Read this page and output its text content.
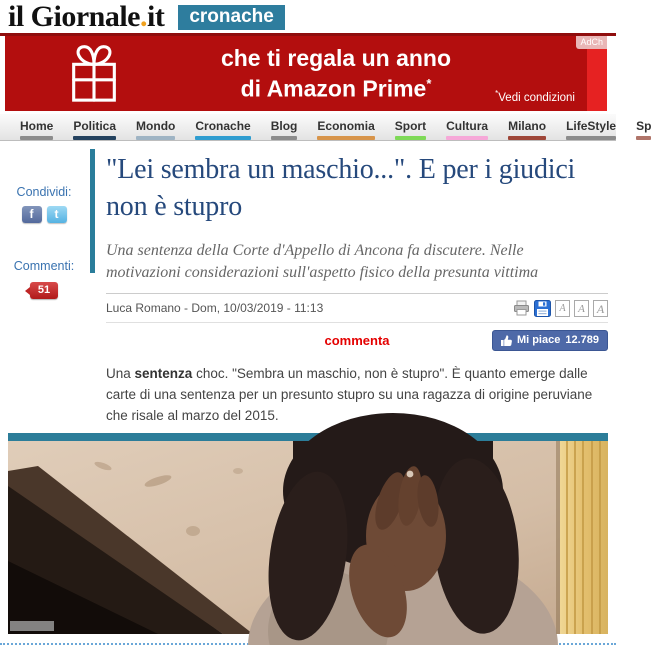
il Giornale.it	cronache
AdCh
che ti regala un anno
di Amazon Prime*
*Vedi condizioni
Home Politica Mondo Cronache Blog Economia Sport Cultura Milano LifeStyle Sp
Condividi:
f	t
Commenti:
51
"Lei sembra un maschio...". E per i giudici non è stupro
Una sentenza della Corte d'Appello di Ancona fa discutere. Nelle motivazioni considerazioni sull'aspetto fisico della presunta vittima
Luca Romano - Dom, 10/03/2019 - 11:13	A	A A
commenta	Mi piace 12.789

Una sentenza choc. "Sembra un maschio, non è stupro". È quanto emerge dalle carte di una sentenza per un presunto stupro su una ragazza di origine peruviane che risale al marzo del 2015.
